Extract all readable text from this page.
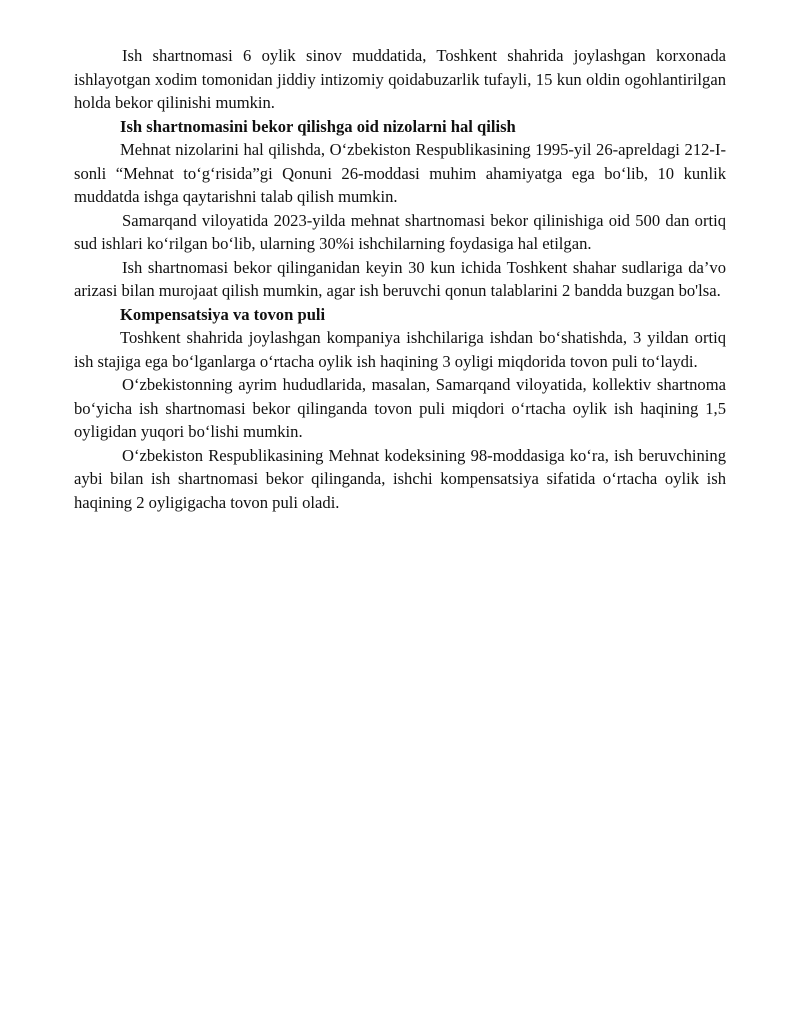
Ish shartnomasi 6 oylik sinov muddatida, Toshkent shahrida joylashgan korxonada ishlayotgan xodim tomonidan jiddiy intizomiy qoidabuzarlik tufayli, 15 kun oldin ogohlantirilgan holda bekor qilinishi mumkin.

Ish shartnomasini bekor qilishga oid nizolarni hal qilish

Mehnat nizolarini hal qilishda, O‘zbekiston Respublikasining 1995-yil 26-apreldagi 212-I-sonli “Mehnat to‘g‘risida”gi Qonuni 26-moddasi muhim ahamiyatga ega bo‘lib, 10 kunlik muddatda ishga qaytarishni talab qilish mumkin.

Samarqand viloyatida 2023-yilda mehnat shartnomasi bekor qilinishiga oid 500 dan ortiq sud ishlari ko‘rilgan bo‘lib, ularning 30%i ishchilarning foydasiga hal etilgan.

Ish shartnomasi bekor qilinganidan keyin 30 kun ichida Toshkent shahar sudlariga da’vo arizasi bilan murojaat qilish mumkin, agar ish beruvchi qonun talablarini 2 bandda buzgan bo'lsa.

Kompensatsiya va tovon puli

Toshkent shahrida joylashgan kompaniya ishchilariga ishdan bo‘shatishda, 3 yildan ortiq ish stajiga ega bo‘lganlarga o‘rtacha oylik ish haqining 3 oyligi miqdorida tovon puli to‘laydi.

O‘zbekistonning ayrim hududlarida, masalan, Samarqand viloyatida, kollektiv shartnoma bo‘yicha ish shartnomasi bekor qilinganda tovon puli miqdori o‘rtacha oylik ish haqining 1,5 oyligidan yuqori bo‘lishi mumkin.

O‘zbekiston Respublikasining Mehnat kodeksining 98-moddasiga ko‘ra, ish beruvchining aybi bilan ish shartnomasi bekor qilinganda, ishchi kompensatsiya sifatida o‘rtacha oylik ish haqining 2 oyligigacha tovon puli oladi.
